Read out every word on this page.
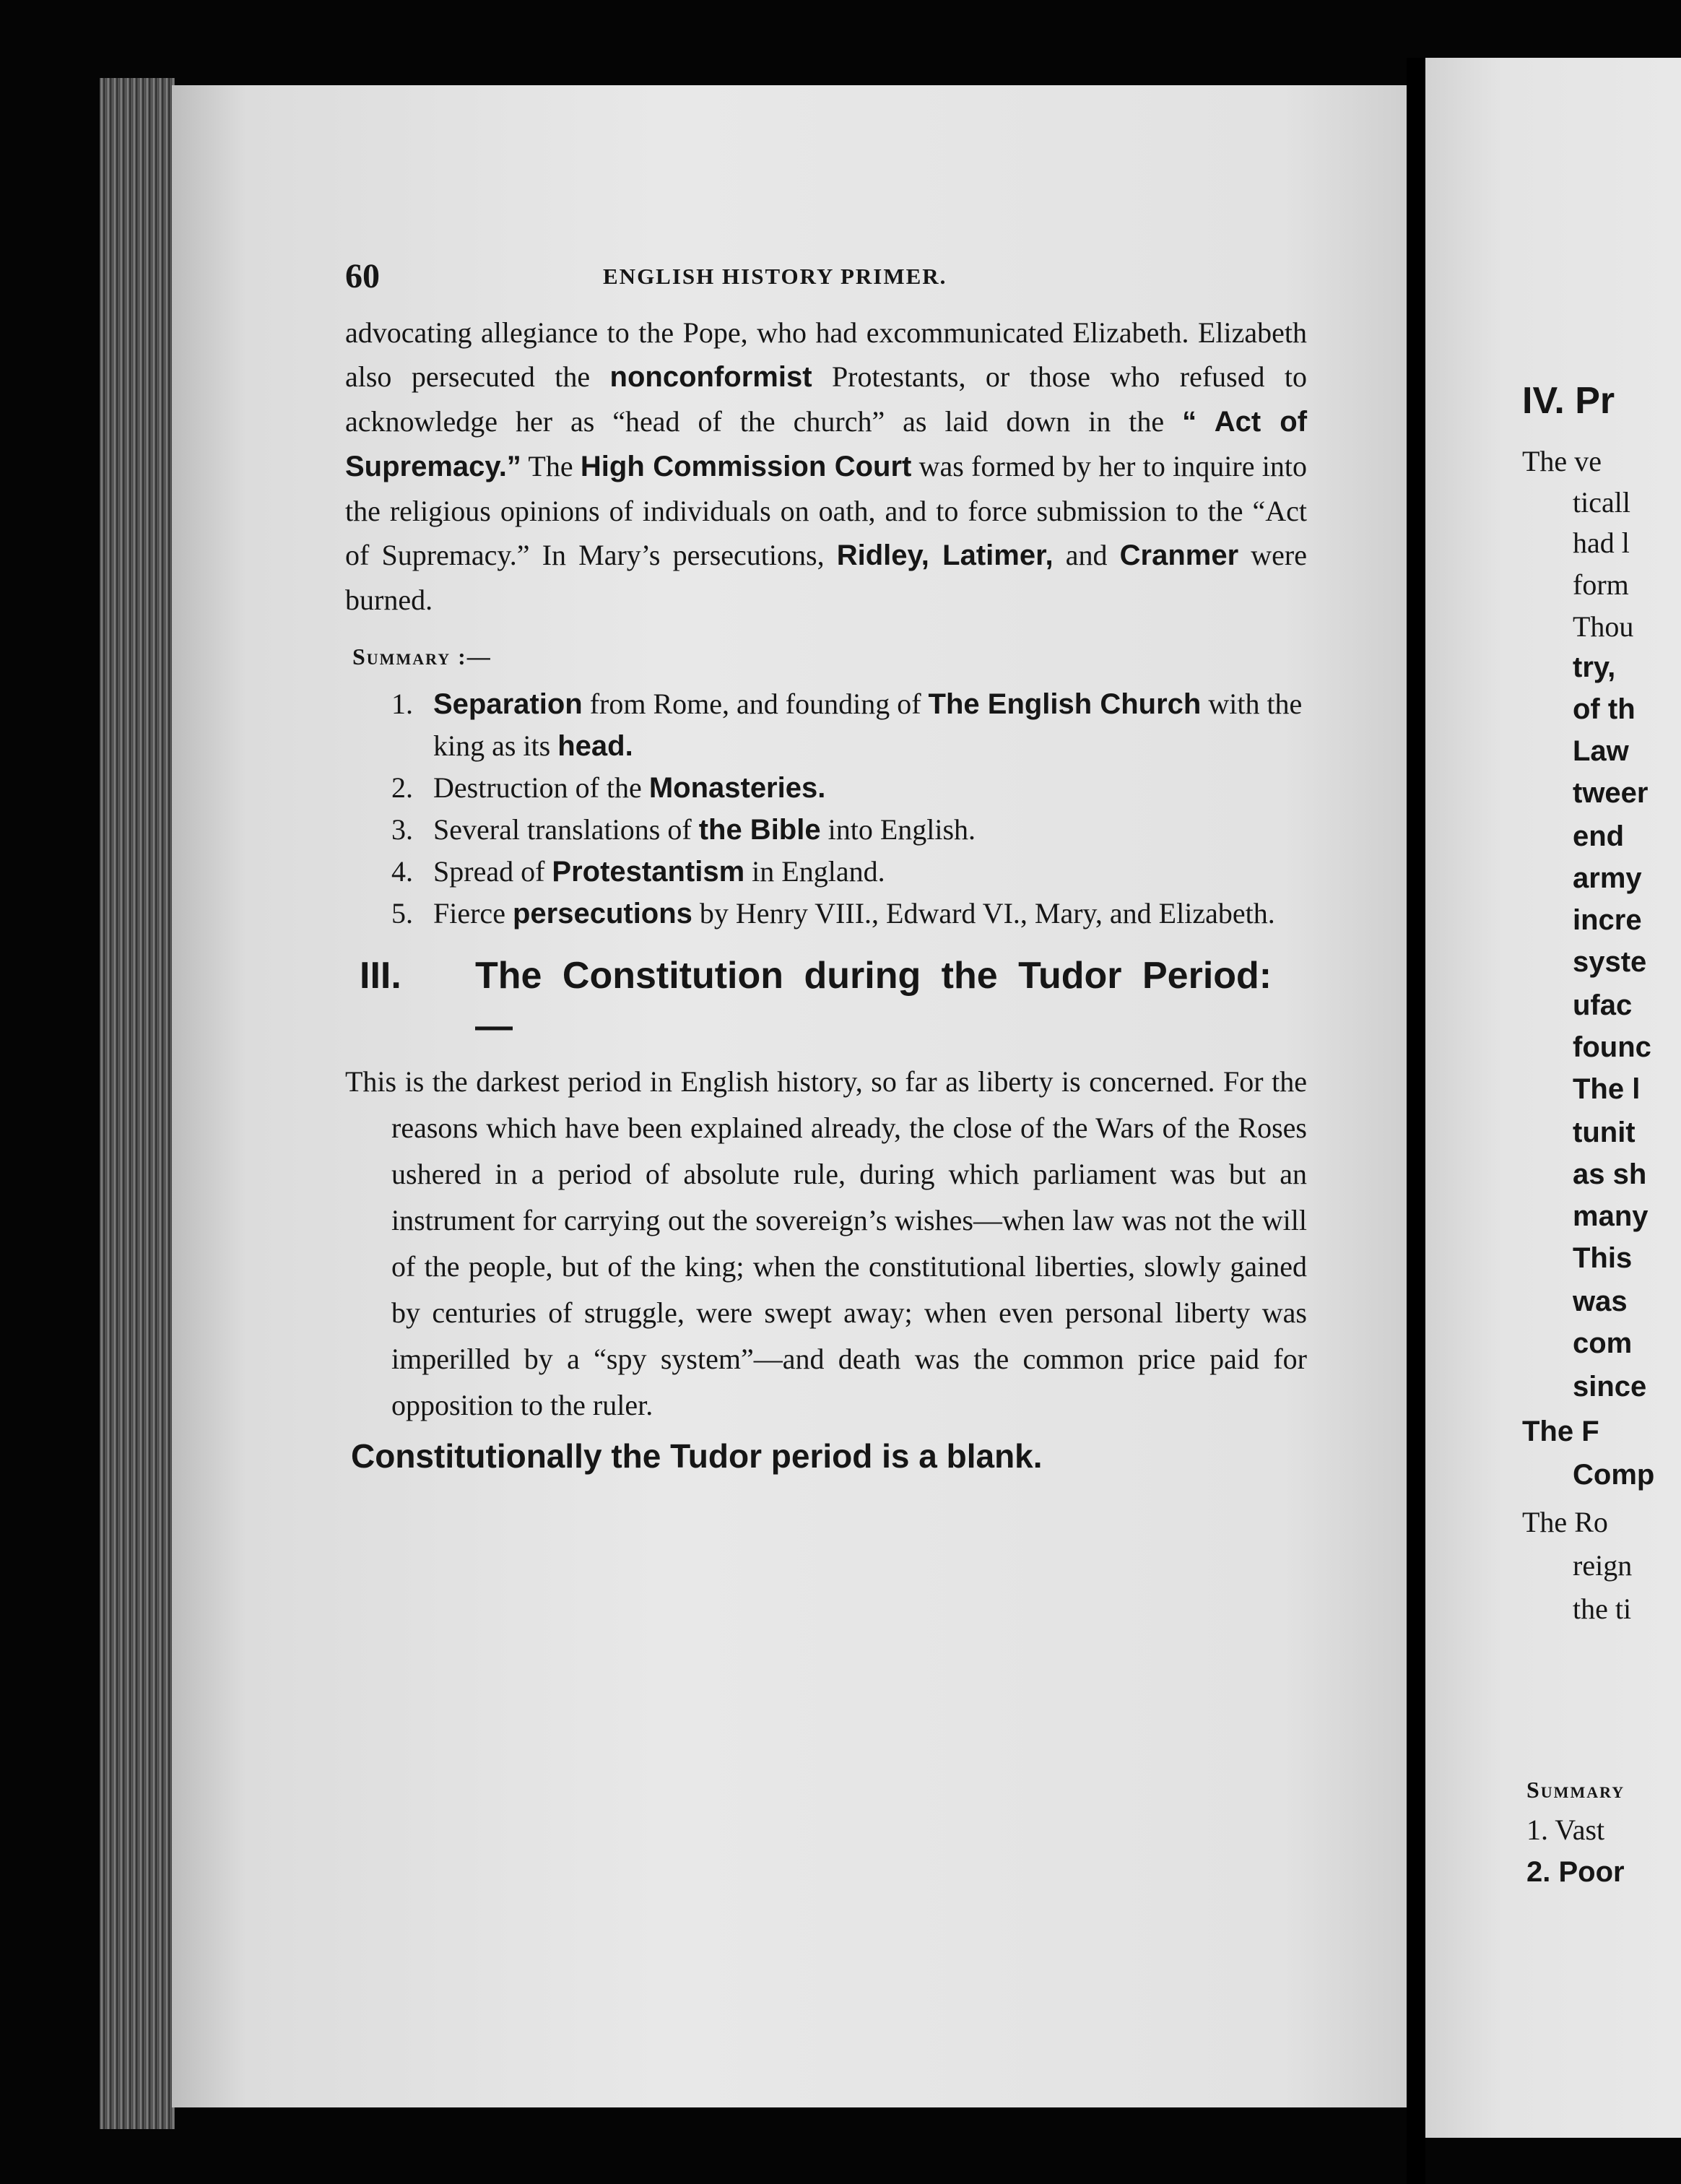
60	ENGLISH HISTORY PRIMER.

advocating allegiance to the Pope, who had excommunicated Elizabeth. Elizabeth also persecuted the nonconformist Protestants, or those who refused to acknowledge her as “head of the church” as laid down in the “ Act of Supremacy.” The High Commission Court was formed by her to inquire into the religious opinions of individuals on oath, and to force submission to the “Act of Supremacy.” In Mary’s persecutions, Ridley, Latimer, and Cranmer were burned.

Summary :—
1. Separation from Rome, and founding of The English Church with the king as its head.
2. Destruction of the Monasteries.
3. Several translations of the Bible into English.
4. Spread of Protestantism in England.
5. Fierce persecutions by Henry VIII., Edward VI., Mary, and Elizabeth.
III. The Constitution during the Tudor Period:—

This is the darkest period in English history, so far as liberty is concerned. For the reasons which have been explained already, the close of the Wars of the Roses ushered in a period of absolute rule, during which parliament was but an instrument for carrying out the sovereign’s wishes—when law was not the will of the people, but of the king; when the constitutional liberties, slowly gained by centuries of struggle, were swept away; when even personal liberty was imperilled by a “spy system”—and death was the common price paid for opposition to the ruler.

Constitutionally the Tudor period is a blank.
IV. Pr
Summary
1. Vast
2. Poor
The ve
ticall
had l
form
Thou
try,
of th
Law
tweer
end
army
incre
syste
ufac
founc
The l
tunit
as sh
many
This
was
com
since
The F
Comp
The Ro
reign
the ti
